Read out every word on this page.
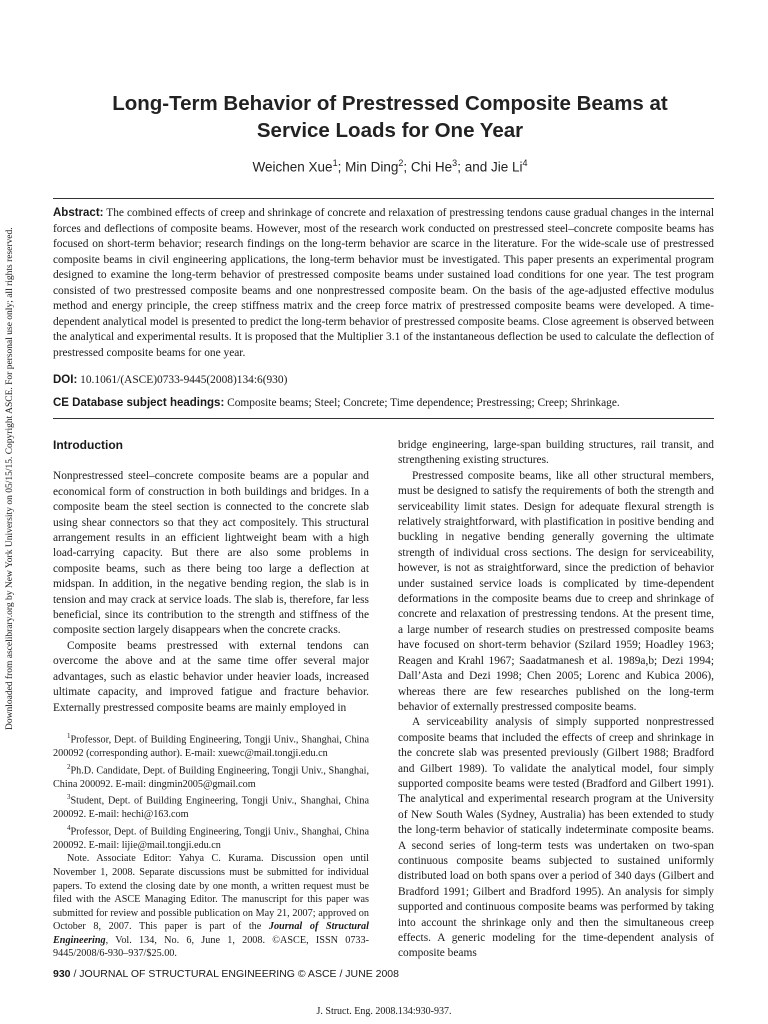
Downloaded from ascelibrary.org by New York University on 05/15/15. Copyright ASCE. For personal use only; all rights reserved.
Long-Term Behavior of Prestressed Composite Beams at
Service Loads for One Year
Weichen Xue$^1$; Min Ding$^2$; Chi He$^3$; and Jie Li$^4$
Abstract: The combined effects of creep and shrinkage of concrete and relaxation of prestressing tendons cause gradual changes in the internal forces and deflections of composite beams. However, most of the research work conducted on prestressed steel–concrete composite beams has focused on short-term behavior; research findings on the long-term behavior are scarce in the literature. For the wide-scale use of prestressed composite beams in civil engineering applications, the long-term behavior must be investigated. This paper presents an experimental program designed to examine the long-term behavior of prestressed composite beams under sustained load conditions for one year. The test program consisted of two prestressed composite beams and one nonprestressed composite beam. On the basis of the age-adjusted effective modulus method and energy principle, the creep stiffness matrix and the creep force matrix of prestressed composite beams were developed. A time-dependent analytical model is presented to predict the long-term behavior of prestressed composite beams. Close agreement is observed between the analytical and experimental results. It is proposed that the Multiplier 3.1 of the instantaneous deflection be used to calculate the deflection of prestressed composite beams for one year.
DOI: 10.1061/(ASCE)0733-9445(2008)134:6(930)
CE Database subject headings: Composite beams; Steel; Concrete; Time dependence; Prestressing; Creep; Shrinkage.
Introduction

Nonprestressed steel–concrete composite beams are a popular and economical form of construction in both buildings and bridges. In a composite beam the steel section is connected to the concrete slab using shear connectors so that they act compositely. This structural arrangement results in an efficient lightweight beam with a high load-carrying capacity. But there are also some problems in composite beams, such as there being too large a deflection at midspan. In addition, in the negative bending region, the slab is in tension and may crack at service loads. The slab is, therefore, far less beneficial, since its contribution to the strength and stiffness of the composite section largely disappears when the concrete cracks.

Composite beams prestressed with external tendons can overcome the above and at the same time offer several major advantages, such as elastic behavior under heavier loads, increased ultimate capacity, and improved fatigue and fracture behavior. Externally prestressed composite beams are mainly employed in

$^1$Professor, Dept. of Building Engineering, Tongji Univ., Shanghai, China 200092 (corresponding author). E-mail: xuewc@mail.tongji.edu.cn

$^2$Ph.D. Candidate, Dept. of Building Engineering, Tongji Univ., Shanghai, China 200092. E-mail: dingmin2005@gmail.com

$^3$Student, Dept. of Building Engineering, Tongji Univ., Shanghai, China 200092. E-mail: hechi@163.com

$^4$Professor, Dept. of Building Engineering, Tongji Univ., Shanghai, China 200092. E-mail: lijie@mail.tongji.edu.cn

Note. Associate Editor: Yahya C. Kurama. Discussion open until November 1, 2008. Separate discussions must be submitted for individual papers. To extend the closing date by one month, a written request must be filed with the ASCE Managing Editor. The manuscript for this paper was submitted for review and possible publication on May 21, 2007; approved on October 8, 2007. This paper is part of the Journal of Structural Engineering, Vol. 134, No. 6, June 1, 2008. ©ASCE, ISSN 0733-9445/2008/6-930–937/$25.00.

bridge engineering, large-span building structures, rail transit, and strengthening existing structures.

Prestressed composite beams, like all other structural members, must be designed to satisfy the requirements of both the strength and serviceability limit states. Design for adequate flexural strength is relatively straightforward, with plastification in positive bending and buckling in negative bending generally governing the ultimate strength of individual cross sections. The design for serviceability, however, is not as straightforward, since the prediction of behavior under sustained service loads is complicated by time-dependent deformations in the composite beams due to creep and shrinkage of concrete and relaxation of prestressing tendons. At the present time, a large number of research studies on prestressed composite beams have focused on short-term behavior (Szilard 1959; Hoadley 1963; Reagen and Krahl 1967; Saadatmanesh et al. 1989a,b; Dezi 1994; Dall’Asta and Dezi 1998; Chen 2005; Lorenc and Kubica 2006), whereas there are few researches published on the long-term behavior of externally prestressed composite beams.

A serviceability analysis of simply supported nonprestressed composite beams that included the effects of creep and shrinkage in the concrete slab was presented previously (Gilbert 1988; Bradford and Gilbert 1989). To validate the analytical model, four simply supported composite beams were tested (Bradford and Gilbert 1991). The analytical and experimental research program at the University of New South Wales (Sydney, Australia) has been extended to study the long-term behavior of statically indeterminate composite beams. A second series of long-term tests was undertaken on two-span continuous composite beams subjected to sustained uniformly distributed load on both spans over a period of 340 days (Gilbert and Bradford 1991; Gilbert and Bradford 1995). An analysis for simply supported and continuous composite beams was performed by taking into account the shrinkage only and then the simultaneous creep effects. A generic modeling for the time-dependent analysis of composite beams

930 / JOURNAL OF STRUCTURAL ENGINEERING © ASCE / JUNE 2008
J. Struct. Eng. 2008.134:930-937.
